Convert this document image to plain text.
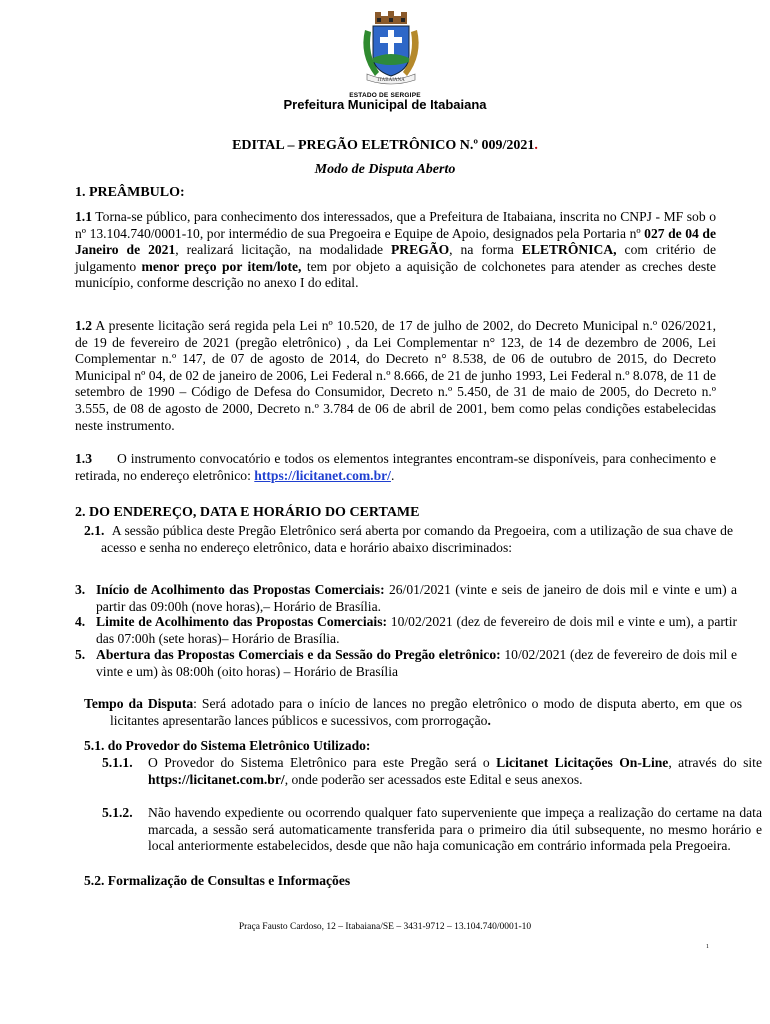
ITABAIANA
ESTADO DE SERGIPE
Prefeitura Municipal de Itabaiana
EDITAL – PREGÃO ELETRÔNICO N.º 009/2021.
Modo de Disputa Aberto
1. PREÂMBULO:
1.1 Torna-se público, para conhecimento dos interessados, que a Prefeitura de Itabaiana, inscrita no CNPJ - MF sob o nº 13.104.740/0001-10, por intermédio de sua Pregoeira e Equipe de Apoio, designados pela Portaria nº 027 de 04 de Janeiro de 2021, realizará licitação, na modalidade PREGÃO, na forma ELETRÔNICA, com critério de julgamento menor preço por item/lote, tem por objeto a aquisição de colchonetes para atender as creches deste município, conforme descrição no anexo I do edital.
1.2 A presente licitação será regida pela Lei nº 10.520, de 17 de julho de 2002, do Decreto Municipal n.º 026/2021, de 19 de fevereiro de 2021 (pregão eletrônico) , da Lei Complementar n° 123, de 14 de dezembro de 2006, Lei Complementar n.º 147, de 07 de agosto de 2014, do Decreto n° 8.538, de 06 de outubro de 2015, do Decreto Municipal nº 04, de 02 de janeiro de 2006, Lei Federal n.º 8.666, de 21 de junho 1993, Lei Federal n.º 8.078, de 11 de setembro de 1990 – Código de Defesa do Consumidor, Decreto n.º 5.450, de 31 de maio de 2005, do Decreto n.º 3.555, de 08 de agosto de 2000, Decreto n.º 3.784 de 06 de abril de 2001, bem como pelas condições estabelecidas neste instrumento.
1.3 O instrumento convocatório e todos os elementos integrantes encontram-se disponíveis, para conhecimento e retirada, no endereço eletrônico: https://licitanet.com.br/.
2. DO ENDEREÇO, DATA E HORÁRIO DO CERTAME
2.1. A sessão pública deste Pregão Eletrônico será aberta por comando da Pregoeira, com a utilização de sua chave de acesso e senha no endereço eletrônico, data e horário abaixo discriminados:
3. Início de Acolhimento das Propostas Comerciais: 26/01/2021 (vinte e seis de janeiro de dois mil e vinte e um) a partir das 09:00h (nove horas),– Horário de Brasília.
4. Limite de Acolhimento das Propostas Comerciais: 10/02/2021 (dez de fevereiro de dois mil e vinte e um), a partir das 07:00h (sete horas)– Horário de Brasília.
5. Abertura das Propostas Comerciais e da Sessão do Pregão eletrônico: 10/02/2021 (dez de fevereiro de dois mil e vinte e um) às 08:00h (oito horas) – Horário de Brasília
Tempo da Disputa: Será adotado para o início de lances no pregão eletrônico o modo de disputa aberto, em que os licitantes apresentarão lances públicos e sucessivos, com prorrogação.
5.1. do Provedor do Sistema Eletrônico Utilizado:
5.1.1. O Provedor do Sistema Eletrônico para este Pregão será o Licitanet Licitações On-Line, através do site https://licitanet.com.br/, onde poderão ser acessados este Edital e seus anexos.
5.1.2. Não havendo expediente ou ocorrendo qualquer fato superveniente que impeça a realização do certame na data marcada, a sessão será automaticamente transferida para o primeiro dia útil subsequente, no mesmo horário e local anteriormente estabelecidos, desde que não haja comunicação em contrário informada pela Pregoeira.
5.2. Formalização de Consultas e Informações
Praça Fausto Cardoso, 12 – Itabaiana/SE – 3431-9712 – 13.104.740/0001-10
1
